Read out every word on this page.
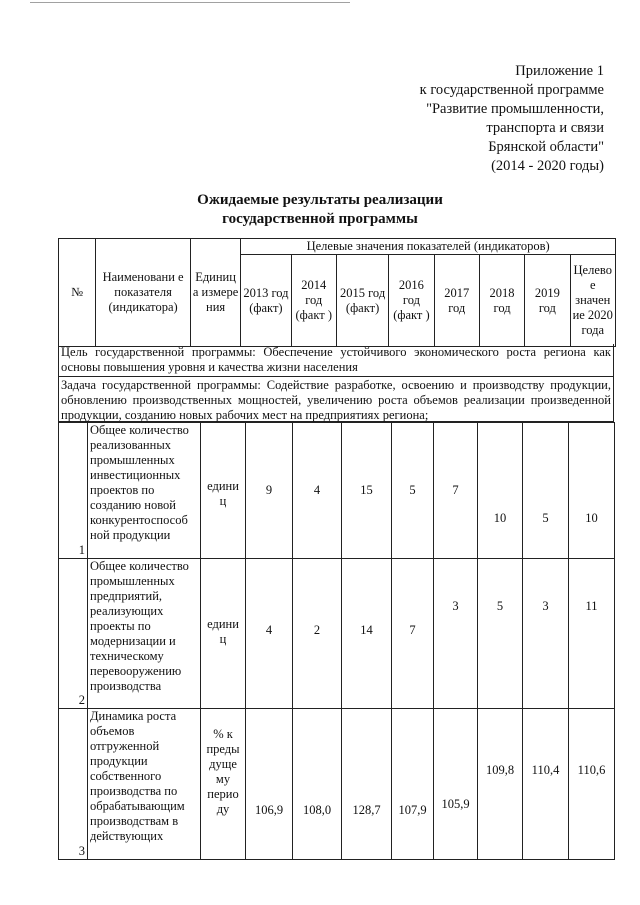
Приложение 1
к государственной программе
"Развитие промышленности,
транспорта и связи
Брянской области"
(2014 - 2020 годы)
Ожидаемые результаты реализации
государственной программы
№	Наименовани е показателя (индикатора)	Единиц а измере ния	Целевые значения показателей (индикаторов)							
			2013 год (факт)	2014 год (факт )	2015 год (факт)	2016 год (факт )	2017 год	2018 год	2019 год	Целево е значен ие 2020 года
Цель государственной программы: Обеспечение устойчивого экономического роста региона как основы повышения уровня и качества жизни населения
Задача государственной программы: Содействие разработке, освоению и производству продукции, обновлению производственных мощностей, увеличению роста объемов реализации произведенной продукции, созданию новых рабочих мест на предприятиях региона;
1	Общее количество реализованных промышленных инвестиционных проектов по созданию новой конкурентоспособ ной продукции	едини ц	9	4	15	5	7	10	5	10
2	Общее количество промышленных предприятий, реализующих проекты по модернизации и техническому перевооружению производства	едини ц	4	2	14	7	3	5	3	11
3	Динамика роста объемов отгруженной продукции собственного производства по обрабатывающим производствам в действующих	% к преды дуще му перио ду	106,9	108,0	128,7	107,9	105,9	109,8	110,4	110,6
